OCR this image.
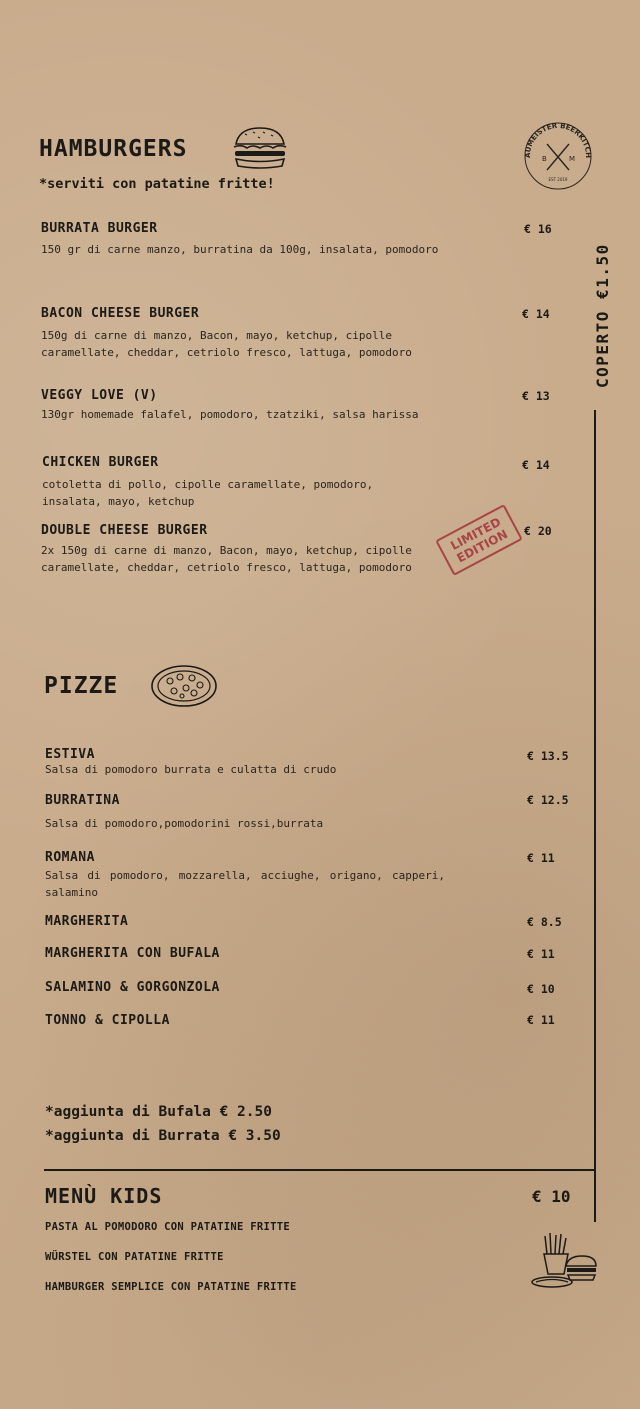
HAMBURGERS
*serviti con patatine fritte!
AUMEISTER BEERKITCH
B	M
EST 2019
BURRATA BURGER	€ 16
150 gr di carne manzo, burratina da 100g, insalata, pomodoro
BACON CHEESE BURGER	€ 14
150g di carne di manzo, Bacon, mayo, ketchup, cipolle caramellate, cheddar, cetriolo fresco, lattuga, pomodoro
VEGGY LOVE (V)	€ 13
130gr homemade falafel, pomodoro, tzatziki, salsa harissa
CHICKEN BURGER	€ 14
cotoletta di pollo, cipolle caramellate, pomodoro, insalata, mayo, ketchup
DOUBLE CHEESE BURGER	€ 20
2x 150g di carne di manzo, Bacon, mayo, ketchup, cipolle caramellate, cheddar, cetriolo fresco, lattuga, pomodoro
LIMITED EDITION
COPERTO €1.50
PIZZE
ESTIVA	€ 13.5
Salsa di pomodoro burrata e culatta di crudo
BURRATINA	€ 12.5
Salsa di pomodoro,pomodorini rossi,burrata
ROMANA	€ 11
Salsa di pomodoro, mozzarella, acciughe, origano, capperi, salamino
MARGHERITA	€ 8.5
MARGHERITA CON BUFALA	€ 11
SALAMINO & GORGONZOLA	€ 10
TONNO & CIPOLLA	€ 11
*aggiunta di Bufala € 2.50
*aggiunta di Burrata € 3.50
MENÙ KIDS	€ 10
PASTA AL POMODORO CON PATATINE FRITTE
WÜRSTEL CON PATATINE FRITTE
HAMBURGER SEMPLICE CON PATATINE FRITTE
